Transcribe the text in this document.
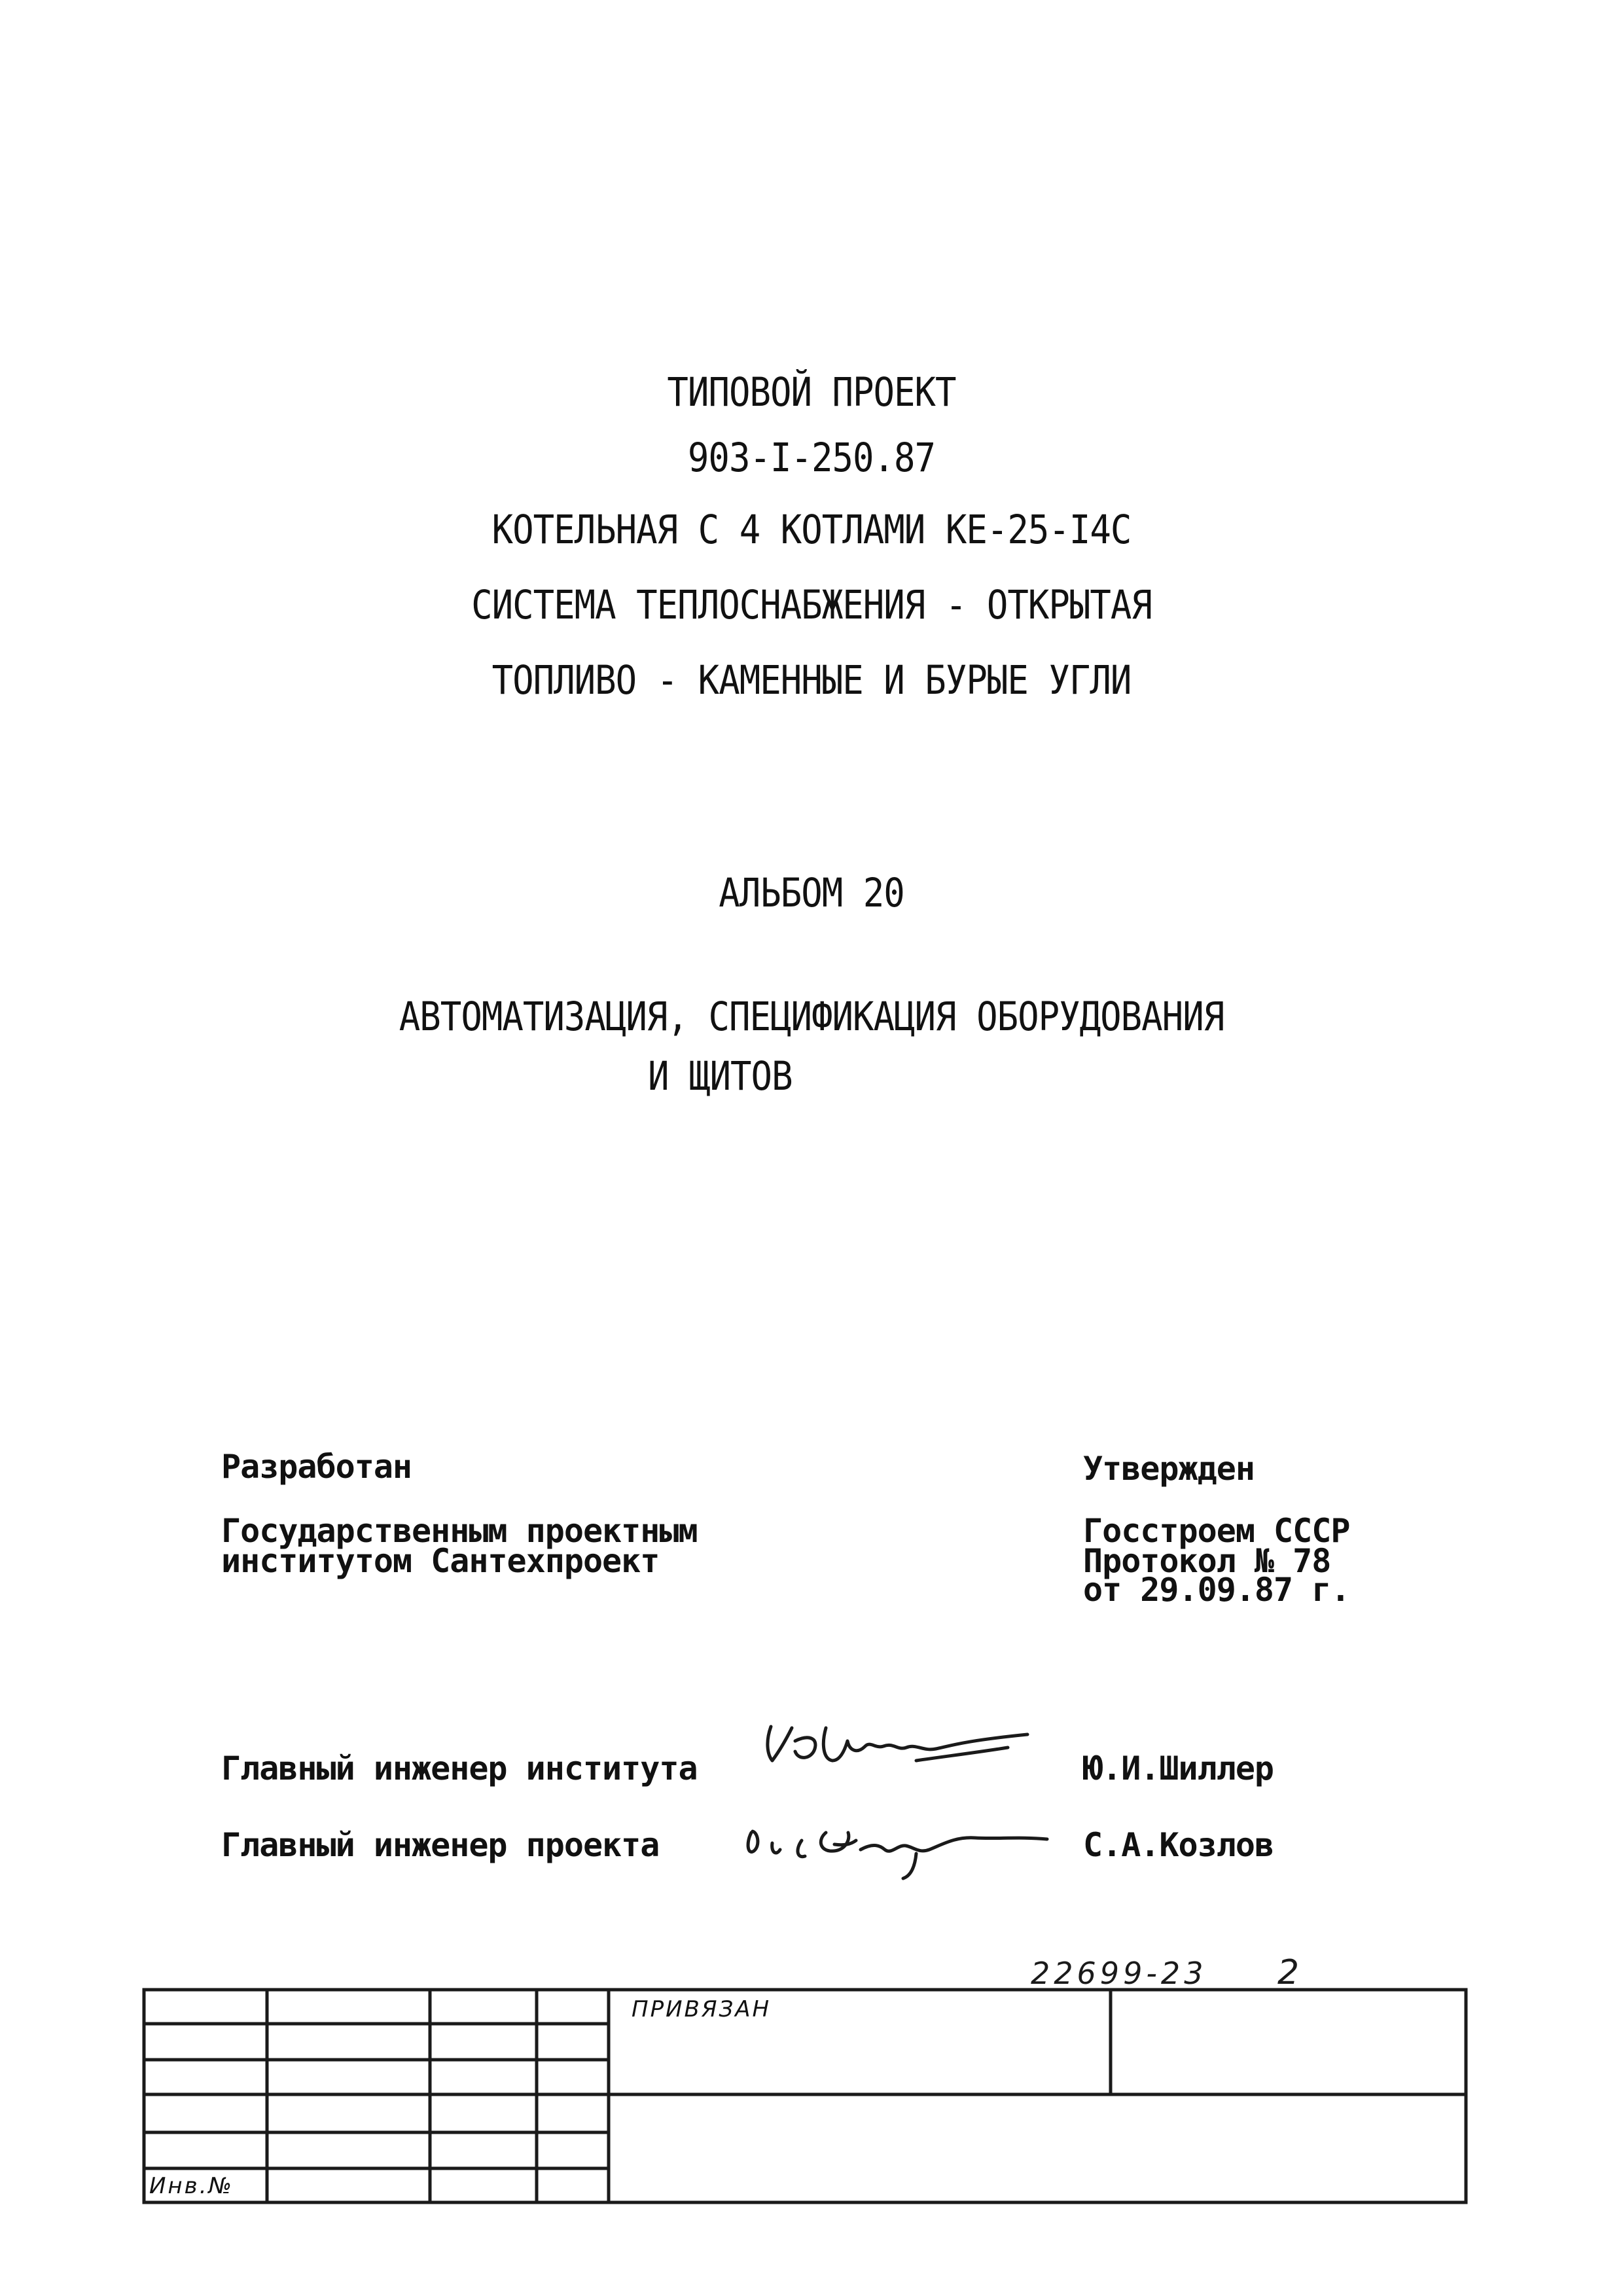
ТИПОВОЙ ПРОЕКТ
903-I-250.87
КОТЕЛЬНАЯ С 4 КОТЛАМИ КЕ-25-I4С
СИСТЕМА ТЕПЛОСНАБЖЕНИЯ - ОТКРЫТАЯ
ТОПЛИВО - КАМЕННЫЕ И БУРЫЕ УГЛИ
АЛЬБОМ 20
АВТОМАТИЗАЦИЯ, СПЕЦИФИКАЦИЯ ОБОРУДОВАНИЯ
И ЩИТОВ
Разработан
Государственным проектным
институтом Сантехпроект
Утвержден
Госстроем СССР
Протокол № 78
от 29.09.87 г.
Главный инженер института	Ю.И.Шиллер
Главный инженер проекта	С.А.Козлов
22699-23 2
ПРИВЯЗАН
Инв.№
